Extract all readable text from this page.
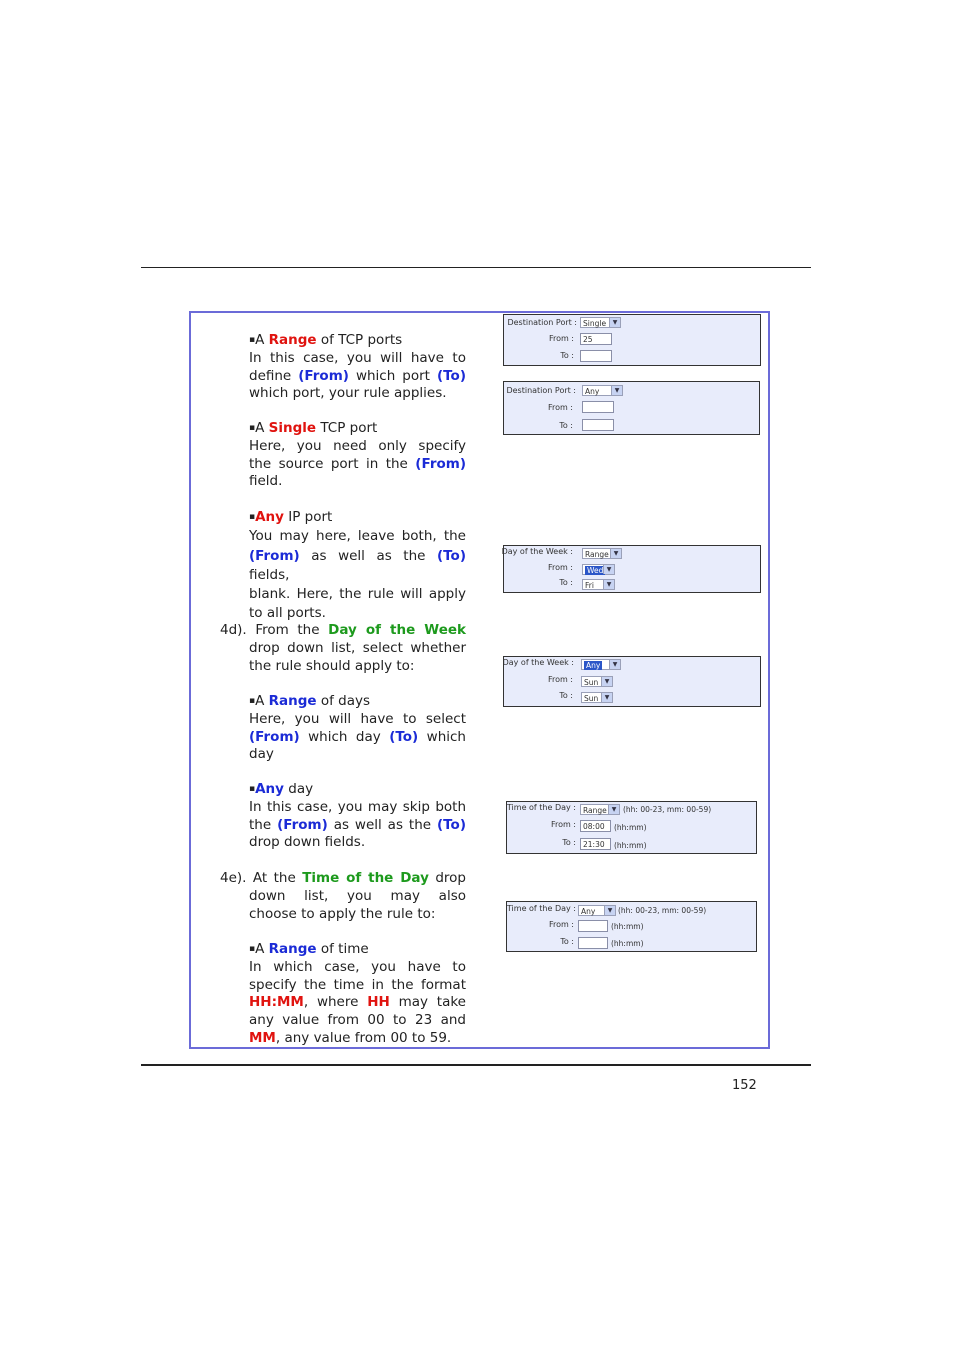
▪A Range of TCP ports

In this case, you will have to

define (From) which port (To)

which port, your rule applies.

▪A Single TCP port

Here, you need only specify

the source port in the (From)

field.

▪Any IP port

You may here, leave both, the

(From) as well as the (To) fields,

blank. Here, the rule will apply

to all ports.

4d). From the Day of the Week

drop down list, select whether

the rule should apply to:

▪A Range of days

Here, you will have to select

(From) which day (To) which

day

▪Any day

In this case, you may skip both

the (From) as well as the (To)

drop down fields.

4e). At the Time of the Day drop

down list, you may also

choose to apply the rule to:

▪A Range of time

In which case, you have to

specify the time in the format

HH:MM, where HH may take

any value from 00 to 23 and

MM, any value from 00 to 59.

Destination Port : Single	▼
From :	25
To :
Destination Port :	Any	▼
From :
To :
Day of the Week :	Range ▼
From :	Wed ▼
To :	Fri	▼
Day of the Week :	Any	▼
From :	Sun	▼
To :	Sun	▼
Time of the Day : Range ▼ (hh: 00-23, mm: 00-59)
From : 08:00	(hh:mm)
To : 21:30	(hh:mm)
Time of the Day : Any	▼ (hh: 00-23, mm: 00-59)
From :	(hh:mm)
To :	(hh:mm)
152
